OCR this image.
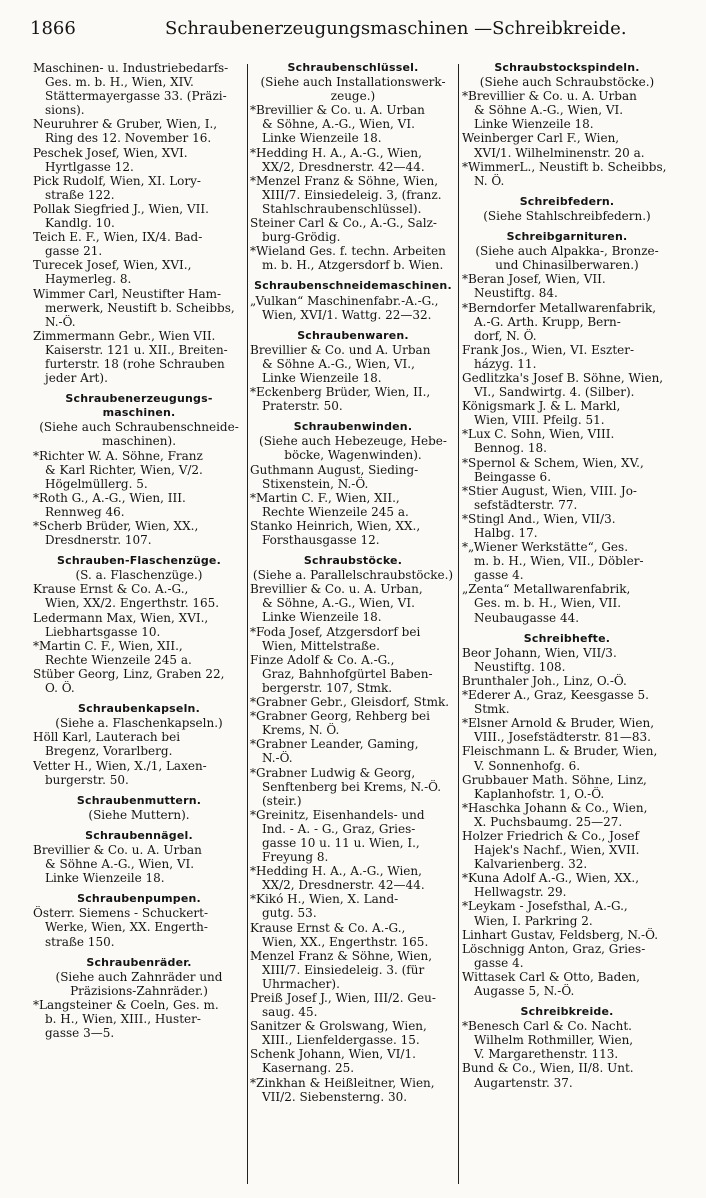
1866	Schraubenerzeugungsmaschinen —Schreibkreide.
Maschinen- u. Industriebedarfs-
Ges. m. b. H., Wien, XIV.
Stättermayergasse 33. (Präzi-
sions).
Neuruhrer & Gruber, Wien, I.,
Ring des 12. November 16.
Peschek Josef, Wien, XVI.
Hyrtlgasse 12.
Pick Rudolf, Wien, XI. Lory-
straße 122.
Pollak Siegfried J., Wien, VII.
Kandlg. 10.
Teich E. F., Wien, IX/4. Bad-
gasse 21.
Turecek Josef, Wien, XVI.,
Haymerleg. 8.
Wimmer Carl, Neustifter Ham-
merwerk, Neustift b. Scheibbs,
N.-Ö.
Zimmermann Gebr., Wien VII.
Kaiserstr. 121 u. XII., Breiten-
furterstr. 18 (rohe Schrauben
jeder Art).
Schraubenerzeugungs-
maschinen.
(Siehe auch Schraubenschneide-
maschinen).
*Richter W. A. Söhne, Franz
& Karl Richter, Wien, V/2.
Högelmüllerg. 5.
*Roth G., A.-G., Wien, III.
Rennweg 46.
*Scherb Brüder, Wien, XX.,
Dresdnerstr. 107.
Schrauben-Flaschenzüge.
(S. a. Flaschenzüge.)
Krause Ernst & Co. A.-G.,
Wien, XX/2. Engerthstr. 165.
Ledermann Max, Wien, XVI.,
Liebhartsgasse 10.
*Martin C. F., Wien, XII.,
Rechte Wienzeile 245 a.
Stüber Georg, Linz, Graben 22,
O. Ö.
Schraubenkapseln.
(Siehe a. Flaschenkapseln.)
Höll Karl, Lauterach bei
Bregenz, Vorarlberg.
Vetter H., Wien, X./1, Laxen-
burgerstr. 50.
Schraubenmuttern.
(Siehe Muttern).
Schraubennägel.
Brevillier & Co. u. A. Urban
& Söhne A.-G., Wien, VI.
Linke Wienzeile 18.
Schraubenpumpen.
Österr. Siemens - Schuckert-
Werke, Wien, XX. Engerth-
straße 150.
Schraubenräder.
(Siehe auch Zahnräder und
Präzisions-Zahnräder.)
*Langsteiner & Coeln, Ges. m.
b. H., Wien, XIII., Huster-
gasse 3—5.
Schraubenschlüssel.
(Siehe auch Installationswerk-
zeuge.)
*Brevillier & Co. u. A. Urban
& Söhne, A.-G., Wien, VI.
Linke Wienzeile 18.
*Hedding H. A., A.-G., Wien,
XX/2, Dresdnerstr. 42—44.
*Menzel Franz & Söhne, Wien,
XIII/7. Einsiedeleig. 3, (franz.
Stahlschraubenschlüssel).
Steiner Carl & Co., A.-G., Salz-
burg-Grödig.
*Wieland Ges. f. techn. Arbeiten
m. b. H., Atzgersdorf b. Wien.
Schraubenschneidemaschinen.
„Vulkan“ Maschinenfabr.-A.-G.,
Wien, XVI/1. Wattg. 22—32.
Schraubenwaren.
Brevillier & Co. und A. Urban
& Söhne A.-G., Wien, VI.,
Linke Wienzeile 18.
*Eckenberg Brüder, Wien, II.,
Praterstr. 50.
Schraubenwinden.
(Siehe auch Hebezeuge, Hebe-
böcke, Wagenwinden).
Guthmann August, Sieding-
Stixenstein, N.-Ö.
*Martin C. F., Wien, XII.,
Rechte Wienzeile 245 a.
Stanko Heinrich, Wien, XX.,
Forsthausgasse 12.
Schraubstöcke.
(Siehe a. Parallelschraubstöcke.)
Brevillier & Co. u. A. Urban,
& Söhne, A.-G., Wien, VI.
Linke Wienzeile 18.
*Foda Josef, Atzgersdorf bei
Wien, Mittelstraße.
Finze Adolf & Co. A.-G.,
Graz, Bahnhofgürtel Baben-
bergerstr. 107, Stmk.
*Grabner Gebr., Gleisdorf, Stmk.
*Grabner Georg, Rehberg bei
Krems, N. Ö.
*Grabner Leander, Gaming,
N.-Ö.
*Grabner Ludwig & Georg,
Senftenberg bei Krems, N.-Ö.
(steir.)
*Greinitz, Eisenhandels- und
Ind. - A. - G., Graz, Gries-
gasse 10 u. 11 u. Wien, I.,
Freyung 8.
*Hedding H. A., A.-G., Wien,
XX/2, Dresdnerstr. 42—44.
*Kikó H., Wien, X. Land-
gutg. 53.
Krause Ernst & Co. A.-G.,
Wien, XX., Engerthstr. 165.
Menzel Franz & Söhne, Wien,
XIII/7. Einsiedeleig. 3. (für
Uhrmacher).
Preiß Josef J., Wien, III/2. Geu-
saug. 45.
Sanitzer & Grolswang, Wien,
XIII., Lienfeldergasse. 15.
Schenk Johann, Wien, VI/1.
Kasernang. 25.
*Zinkhan & Heißleitner, Wien,
VII/2. Siebensterng. 30.
Schraubstockspindeln.
(Siehe auch Schraubstöcke.)
*Brevillier & Co. u. A. Urban
& Söhne A.-G., Wien, VI.
Linke Wienzeile 18.
Weinberger Carl F., Wien,
XVI/1. Wilhelminenstr. 20 a.
*WimmerL., Neustift b. Scheibbs,
N. Ö.
Schreibfedern.
(Siehe Stahlschreibfedern.)
Schreibgarnituren.
(Siehe auch Alpakka-, Bronze-
und Chinasilberwaren.)
*Beran Josef, Wien, VII.
Neustiftg. 84.
*Berndorfer Metallwarenfabrik,
A.-G. Arth. Krupp, Bern-
dorf, N. Ö.
Frank Jos., Wien, VI. Eszter-
házyg. 11.
Gedlitzka's Josef B. Söhne, Wien,
VI., Sandwirtg. 4. (Silber).
Königsmark J. & L. Markl,
Wien, VIII. Pfeilg. 51.
*Lux C. Sohn, Wien, VIII.
Bennog. 18.
*Spernol & Schem, Wien, XV.,
Beingasse 6.
*Stier August, Wien, VIII. Jo-
sefstädterstr. 77.
*Stingl And., Wien, VII/3.
Halbg. 17.
*„Wiener Werkstätte“, Ges.
m. b. H., Wien, VII., Döbler-
gasse 4.
„Zenta“ Metallwarenfabrik,
Ges. m. b. H., Wien, VII.
Neubaugasse 44.
Schreibhefte.
Beor Johann, Wien, VII/3.
Neustiftg. 108.
Brunthaler Joh., Linz, O.-Ö.
*Ederer A., Graz, Keesgasse 5.
Stmk.
*Elsner Arnold & Bruder, Wien,
VIII., Josefstädterstr. 81—83.
Fleischmann L. & Bruder, Wien,
V. Sonnenhofg. 6.
Grubbauer Math. Söhne, Linz,
Kaplanhofstr. 1, O.-Ö.
*Haschka Johann & Co., Wien,
X. Puchsbaumg. 25—27.
Holzer Friedrich & Co., Josef
Hajek's Nachf., Wien, XVII.
Kalvarienberg. 32.
*Kuna Adolf A.-G., Wien, XX.,
Hellwagstr. 29.
*Leykam - Josefsthal, A.-G.,
Wien, I. Parkring 2.
Linhart Gustav, Feldsberg, N.-Ö.
Löschnigg Anton, Graz, Gries-
gasse 4.
Wittasek Carl & Otto, Baden,
Augasse 5, N.-Ö.
Schreibkreide.
*Benesch Carl & Co. Nacht.
Wilhelm Rothmiller, Wien,
V. Margarethenstr. 113.
Bund & Co., Wien, II/8. Unt.
Augartenstr. 37.
